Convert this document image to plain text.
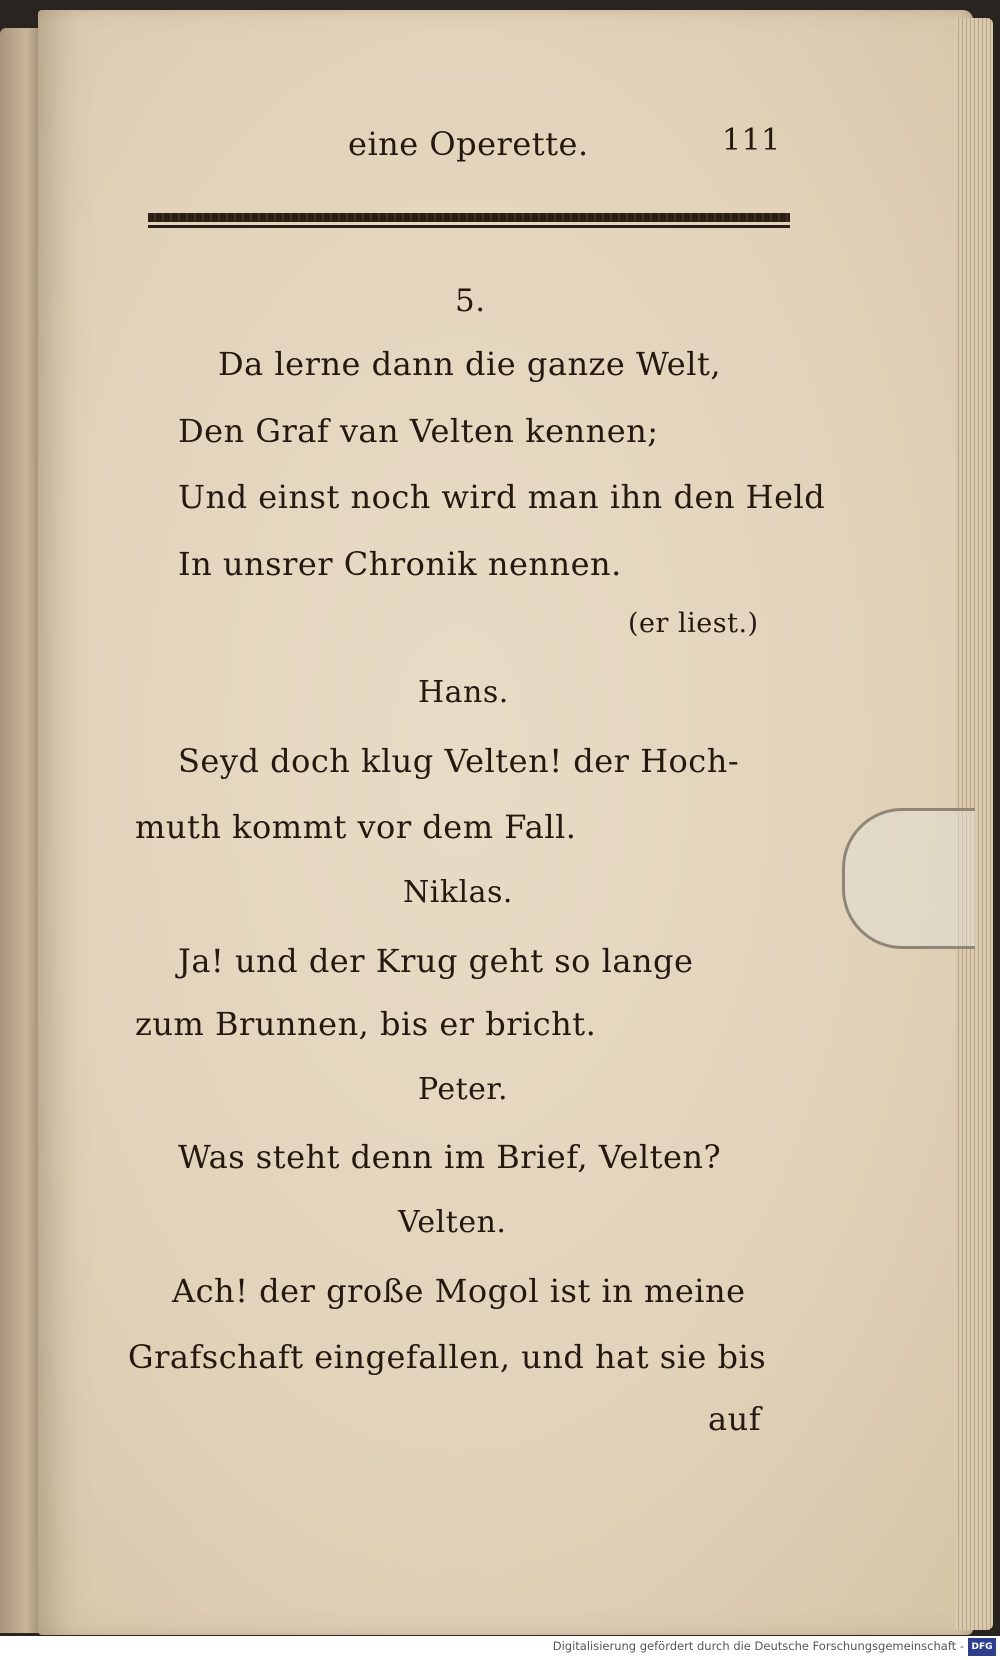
eine Operette.	111
5.
Da lerne dann die ganze Welt,
Den Graf van Velten kennen;
Und einst noch wird man ihn den Held
In unsrer Chronik nennen.
(er liest.)
Hans.
Seyd doch klug Velten! der Hoch-
muth kommt vor dem Fall.
Niklas.
Ja! und der Krug geht so lange
zum Brunnen, bis er bricht.
Peter.
Was steht denn im Brief, Velten?
Velten.
Ach! der große Mogol ist in meine
Grafschaft eingefallen, und hat sie bis
auf
Digitalisierung gefördert durch die Deutsche Forschungsgemeinschaft - DFG
